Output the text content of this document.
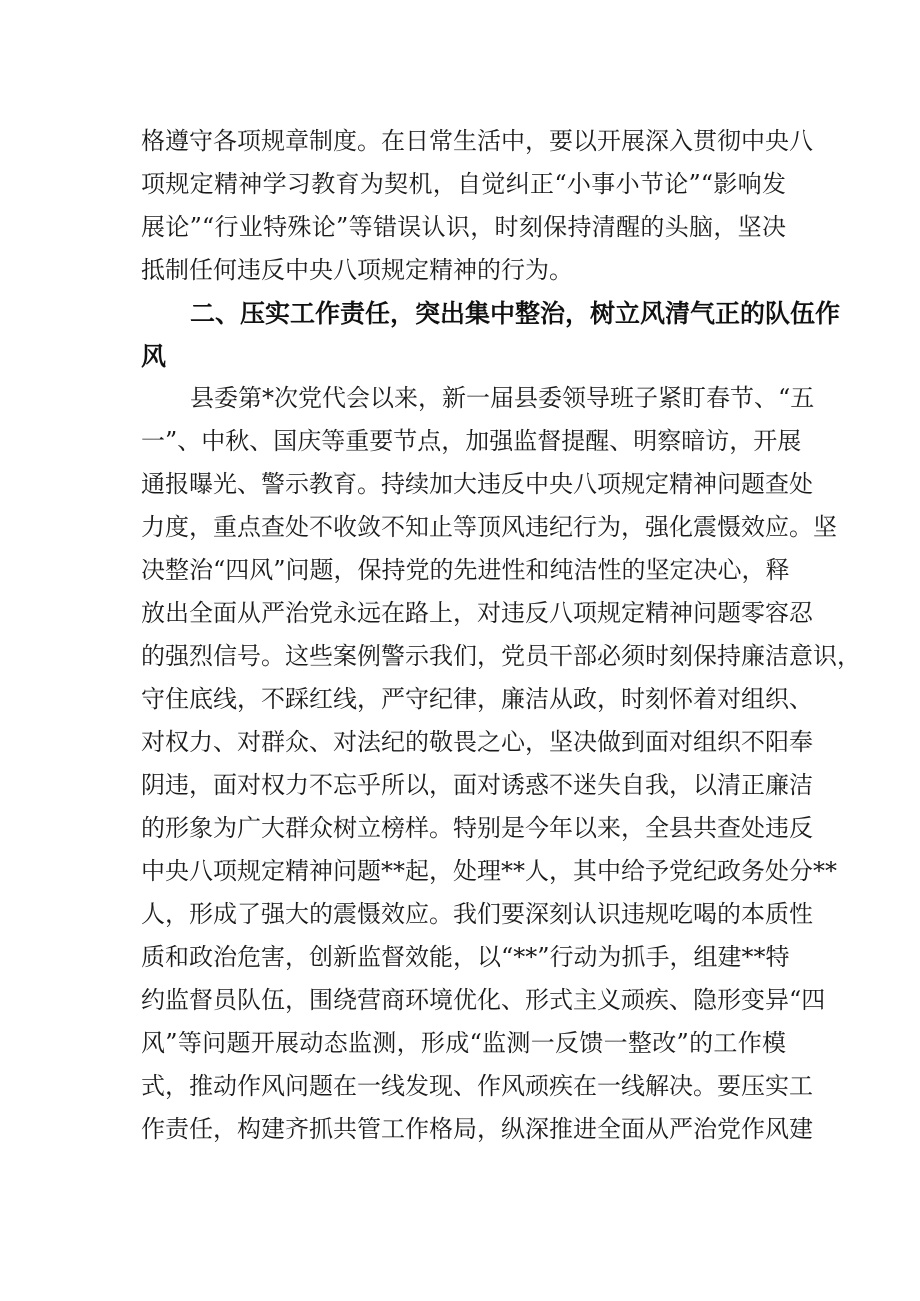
格遵守各项规章制度。在日常生活中，要以开展深入贯彻中央八
项规定精神学习教育为契机，自觉纠正“小事小节论”“影响发
展论”“行业特殊论”等错误认识，时刻保持清醒的头脑，坚决
抵制任何违反中央八项规定精神的行为。
二、压实工作责任，突出集中整治，树立风清气正的队伍作
风
县委第*次党代会以来，新一届县委领导班子紧盯春节、“五
一”、中秋、国庆等重要节点，加强监督提醒、明察暗访，开展
通报曝光、警示教育。持续加大违反中央八项规定精神问题查处
力度，重点查处不收敛不知止等顶风违纪行为，强化震慑效应。坚
决整治“四风”问题，保持党的先进性和纯洁性的坚定决心，释
放出全面从严治党永远在路上，对违反八项规定精神问题零容忍
的强烈信号。这些案例警示我们，党员干部必须时刻保持廉洁意识，
守住底线，不踩红线，严守纪律，廉洁从政，时刻怀着对组织、
对权力、对群众、对法纪的敬畏之心，坚决做到面对组织不阳奉
阴违，面对权力不忘乎所以，面对诱惑不迷失自我，以清正廉洁
的形象为广大群众树立榜样。特别是今年以来，全县共查处违反
中央八项规定精神问题**起，处理**人，其中给予党纪政务处分**
人，形成了强大的震慑效应。我们要深刻认识违规吃喝的本质性
质和政治危害，创新监督效能，以“**”行动为抓手，组建**特
约监督员队伍，围绕营商环境优化、形式主义顽疾、隐形变异“四
风”等问题开展动态监测，形成“监测一反馈一整改”的工作模
式，推动作风问题在一线发现、作风顽疾在一线解决。要压实工
作责任，构建齐抓共管工作格局，纵深推进全面从严治党作风建
